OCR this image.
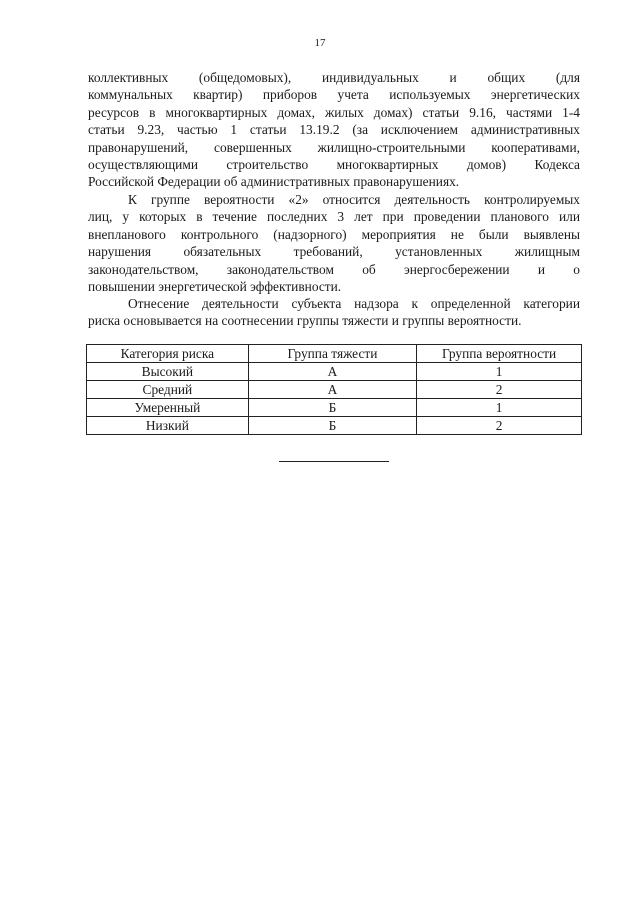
17
коллективных (общедомовых), индивидуальных и общих (для
коммунальных квартир) приборов учета используемых энергетических
ресурсов в многоквартирных домах, жилых домах) статьи 9.16, частями 1-4
статьи 9.23, частью 1 статьи 13.19.2 (за исключением административных
правонарушений, совершенных жилищно-строительными кооперативами,
осуществляющими строительство многоквартирных домов) Кодекса
Российской Федерации об административных правонарушениях.
К группе вероятности «2» относится деятельность контролируемых
лиц, у которых в течение последних 3 лет при проведении планового или
внепланового контрольного (надзорного) мероприятия не были выявлены
нарушения обязательных требований, установленных жилищным
законодательством, законодательством об энергосбережении и о
повышении энергетической эффективности.
Отнесение деятельности субъекта надзора к определенной категории
риска основывается на соотнесении группы тяжести и группы вероятности.
Категория риска	Группа тяжести	Группа вероятности
Высокий	А	1
Средний	А	2
Умеренный	Б	1
Низкий	Б	2
